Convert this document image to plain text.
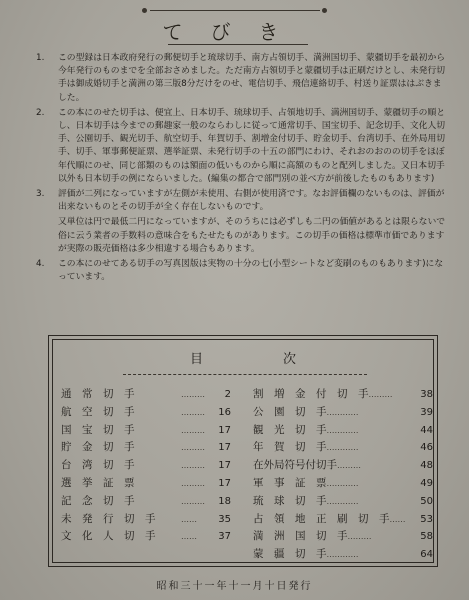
てびき
1. この型録は日本政府発行の郵便切手と琉球切手、南方占領切手、満洲国切手、蒙疆切手を最初から今年発行のものまでを全部おさめました。ただ南方占領切手と蒙疆切手は正刷だけとし、未発行切手は御成婚切手と満洲の第三版8分だけをのせ、電信切手、飛信連絡切手、村送り証票ははぶきました。

2. この本にのせた切手は、便宜上、日本切手、琉球切手、占領地切手、満洲国切手、蒙疆切手の順とし、日本切手は今までの郵趣家一般のならわしに従って通常切手、国宝切手、記念切手、文化人切手、公園切手、観光切手、航空切手、年賀切手、割増金付切手、貯金切手、台湾切手、在外局用切手、切手、軍事郵便証票、選挙証票、未発行切手の十五の部門にわけ、それおのおのの切手をほぼ年代順にのせ、同じ部類のものは額面の低いものから順に高額のものと配列しました。又日本切手以外も日本切手の例にならいました。(編集の都合で部門別の並べ方が前後したものもあります)

3. 評価が二列になっていますが左側が未使用、右側が使用済です。なお評価欄のないものは、評価が出来ないものとその切手が全く存在しないものです。

又単位は円で最低二円になっていますが、そのうちには必ずしも二円の価値があるとは限らないで俗に云う業者の手数料の意味合をもたせたものがあります。この切手の価格は標準市価でありますが実際の販売価格は多少相違する場合もあります。

4. この本にのせてある切手の写真図版は実物の十分の七(小型シートなど変刷のものもあります)になっています。

目次
通　常　切　手	………	2
航　空　切　手	………	16
国　宝　切　手	………	17
貯　金　切　手	………	17
台　湾　切　手	………	17
選　挙　証　票	………	17
記　念　切　手	………	18
未　発　行　切　手	……	35
文　化　人　切　手	……	37
割　増　金　付　切　手 ………	38
公　園　切　手 …………	39
観　光　切　手 …………	44
年　賀　切　手 …………	46
在外局符号付切手 ………	48
軍　事　証　票 …………	49
琉　球　切　手 …………	50
占　領　地　正　刷　切　手 ……	53
満　洲　国　切　手 ………	58
蒙　疆　切　手 …………	64
昭和三十一年十一月十日発行
